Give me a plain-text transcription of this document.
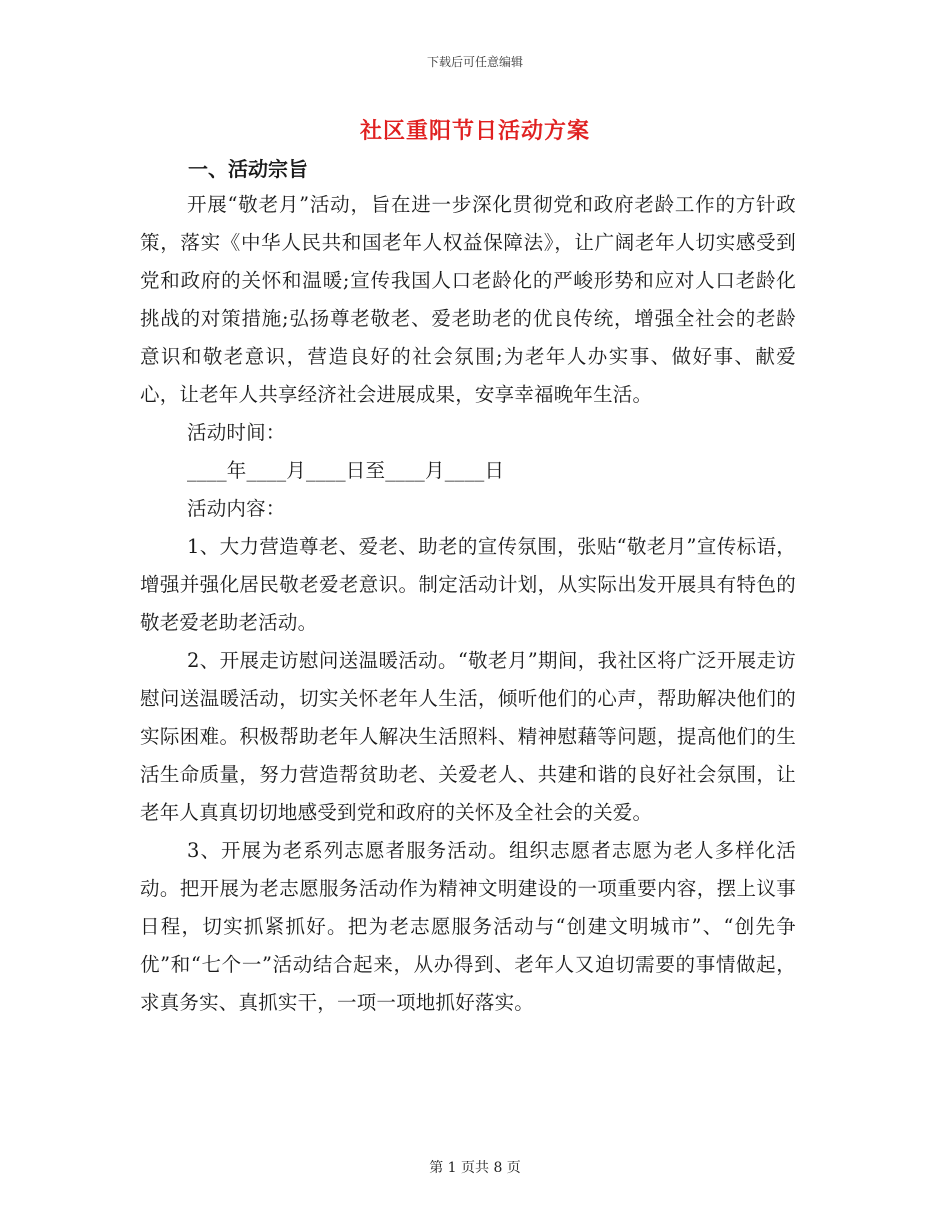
下载后可任意编辑
社区重阳节日活动方案
一、活动宗旨

开展“敬老月”活动，旨在进一步深化贯彻党和政府老龄工作的方针政策，落实《中华人民共和国老年人权益保障法》，让广阔老年人切实感受到党和政府的关怀和温暖;宣传我国人口老龄化的严峻形势和应对人口老龄化挑战的对策措施;弘扬尊老敬老、爱老助老的优良传统，增强全社会的老龄意识和敬老意识，营造良好的社会氛围;为老年人办实事、做好事、献爱心，让老年人共享经济社会进展成果，安享幸福晚年生活。

活动时间：

____年____月____日至____月____日

活动内容：

1、大力营造尊老、爱老、助老的宣传氛围，张贴“敬老月”宣传标语，增强并强化居民敬老爱老意识。制定活动计划，从实际出发开展具有特色的敬老爱老助老活动。

2、开展走访慰问送温暖活动。“敬老月”期间，我社区将广泛开展走访慰问送温暖活动，切实关怀老年人生活，倾听他们的心声，帮助解决他们的实际困难。积极帮助老年人解决生活照料、精神慰藉等问题，提高他们的生活生命质量，努力营造帮贫助老、关爱老人、共建和谐的良好社会氛围，让老年人真真切切地感受到党和政府的关怀及全社会的关爱。

3、开展为老系列志愿者服务活动。组织志愿者志愿为老人多样化活动。把开展为老志愿服务活动作为精神文明建设的一项重要内容，摆上议事日程，切实抓紧抓好。把为老志愿服务活动与“创建文明城市”、“创先争优”和“七个一”活动结合起来，从办得到、老年人又迫切需要的事情做起，求真务实、真抓实干，一项一项地抓好落实。

第 1 页共 8 页
